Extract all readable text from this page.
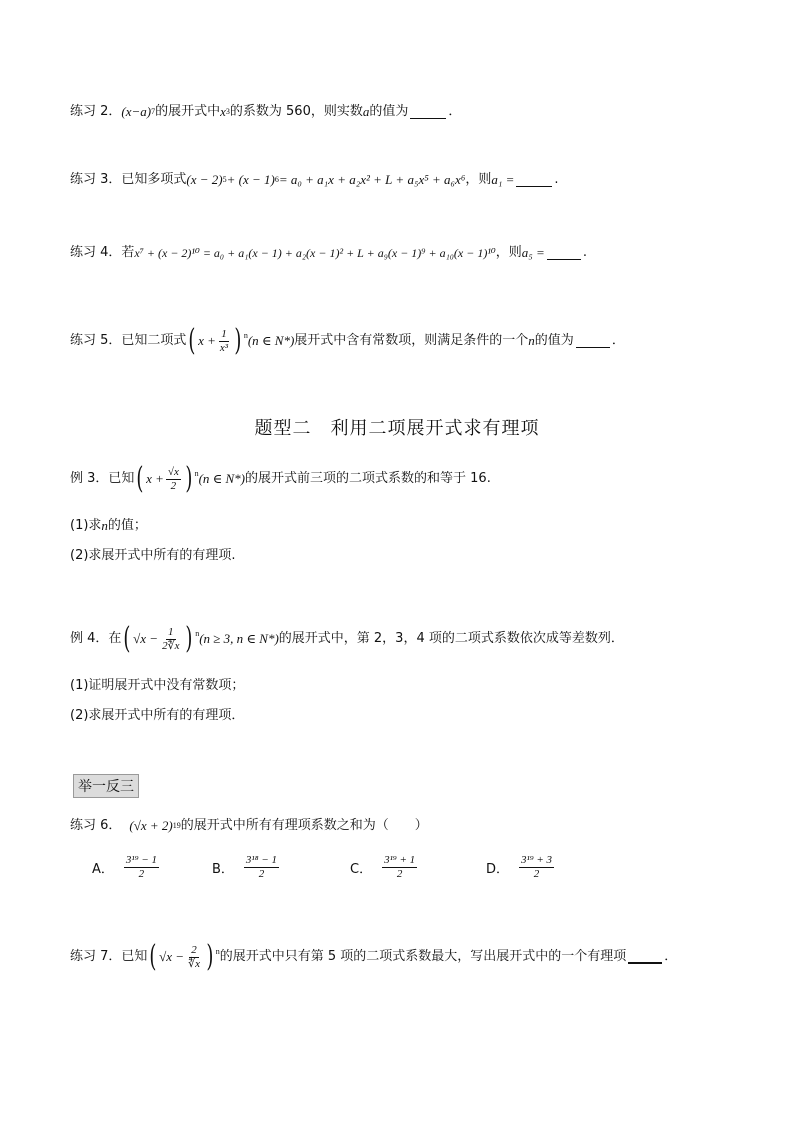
练习 2． (x−a) 7 的展开式中 x 3 的系数为 560，则实数 a 的值为	．
练习 3．已知多项式 (x − 2) 5 + (x − 1) 6 = a₀ + a₁x + a₂x² + L + a₅x⁵ + a₆x⁶ ，则 a₁ =	.
练习 4．若 x⁷ + (x − 2)¹⁰ = a₀ + a₁(x − 1) + a₂(x − 1)² + L + a₉(x − 1)⁹ + a₁₀(x − 1)¹⁰ ，则 a₅ =	.
练习 5．已知二项式 ( $x + \frac{1}{\text{x³}}$ ) n (n ∈ N*) 展开式中含有常数项，则满足条件的一个 n 的值为	．
题型二　利用二项展开式求有理项
例 3．已知 ( $x + \frac{√x}{2}$ ) n (n ∈ N*) 的展开式前三项的二项式系数的和等于 16.
(1)求 n 的值；
(2)求展开式中所有的有理项.
例 4．在 ( $√x - \frac{1}{2∜x}$ ) n (n ≥ 3, n ∈ N*) 的展开式中，第 2，3，4 项的二项式系数依次成等差数列．
(1)证明展开式中没有常数项；
(2)求展开式中所有的有理项．
举一反三
练习 6． (√x + 2) 19 的展开式中所有有理项系数之和为（　　）
A． $\frac{\text{3¹⁹ − 1}}{2}$	B． $\frac{\text{3¹⁸ − 1}}{2}$	C． $\frac{\text{3¹⁹ + 1}}{2}$	D． $\frac{\text{3¹⁹ + 3}}{2}$
练习 7．已知 ( $√x - \frac{2}{∜x}$ ) n 的展开式中只有第 5 项的二项式系数最大，写出展开式中的一个有理项	．
